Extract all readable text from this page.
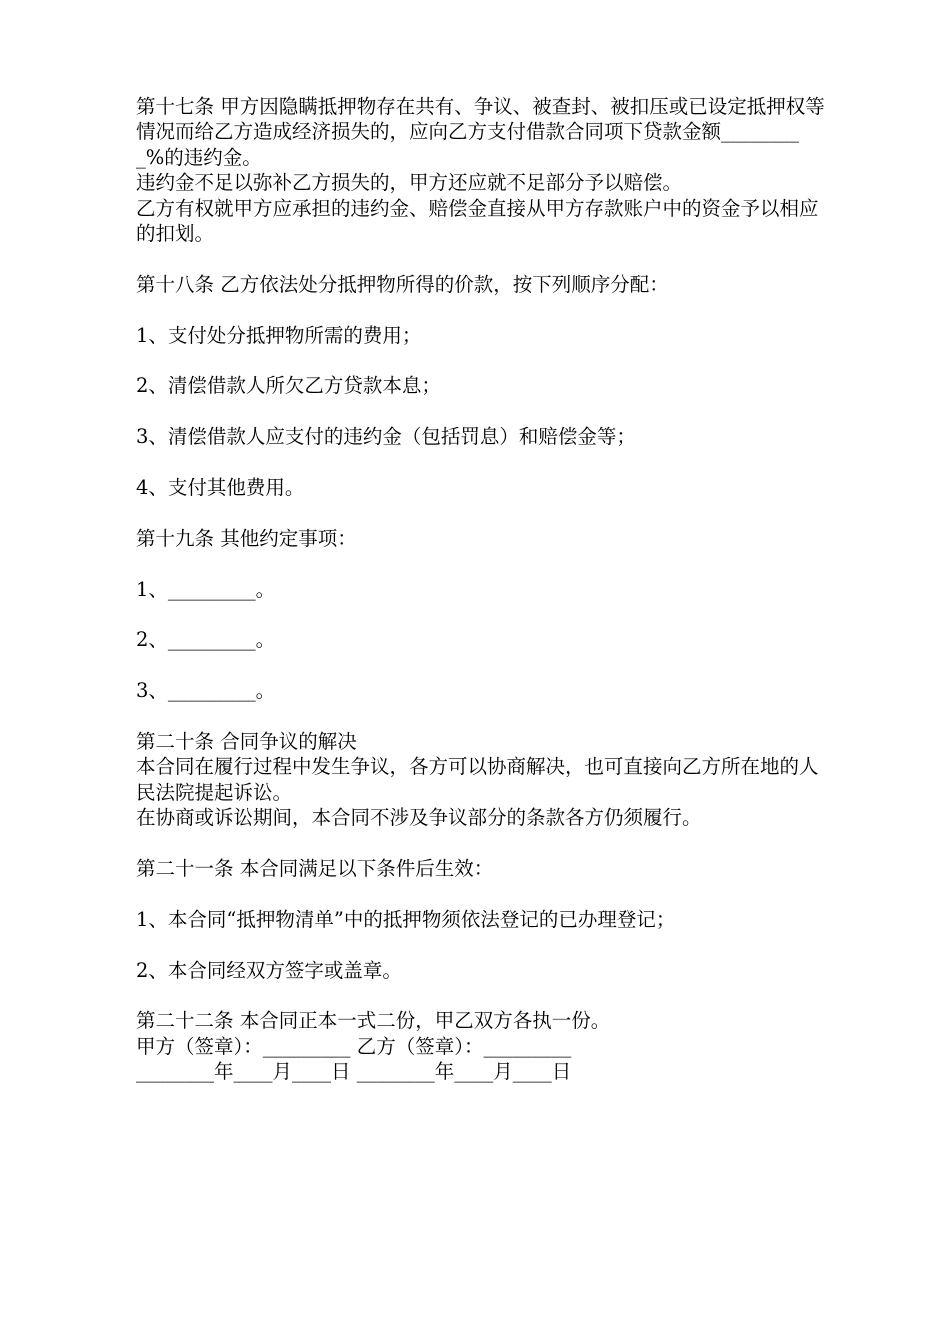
第十七条 甲方因隐瞒抵押物存在共有、争议、被查封、被扣压或已设定抵押权等情况而给乙方造成经济损失的，应向乙方支付借款合同项下贷款金额_________%的违约金。

违约金不足以弥补乙方损失的，甲方还应就不足部分予以赔偿。

乙方有权就甲方应承担的违约金、赔偿金直接从甲方存款账户中的资金予以相应的扣划。

第十八条 乙方依法处分抵押物所得的价款，按下列顺序分配：

1、支付处分抵押物所需的费用；

2、清偿借款人所欠乙方贷款本息；

3、清偿借款人应支付的违约金（包括罚息）和赔偿金等；

4、支付其他费用。

第十九条 其他约定事项：

1、_________。

2、_________。

3、_________。

第二十条 合同争议的解决

本合同在履行过程中发生争议，各方可以协商解决，也可直接向乙方所在地的人民法院提起诉讼。

在协商或诉讼期间，本合同不涉及争议部分的条款各方仍须履行。

第二十一条 本合同满足以下条件后生效：

1、本合同“抵押物清单”中的抵押物须依法登记的已办理登记；

2、本合同经双方签字或盖章。

第二十二条 本合同正本一式二份，甲乙双方各执一份。

甲方（签章）：_________ 乙方（签章）：_________
________年____月____日 ________年____月____日
